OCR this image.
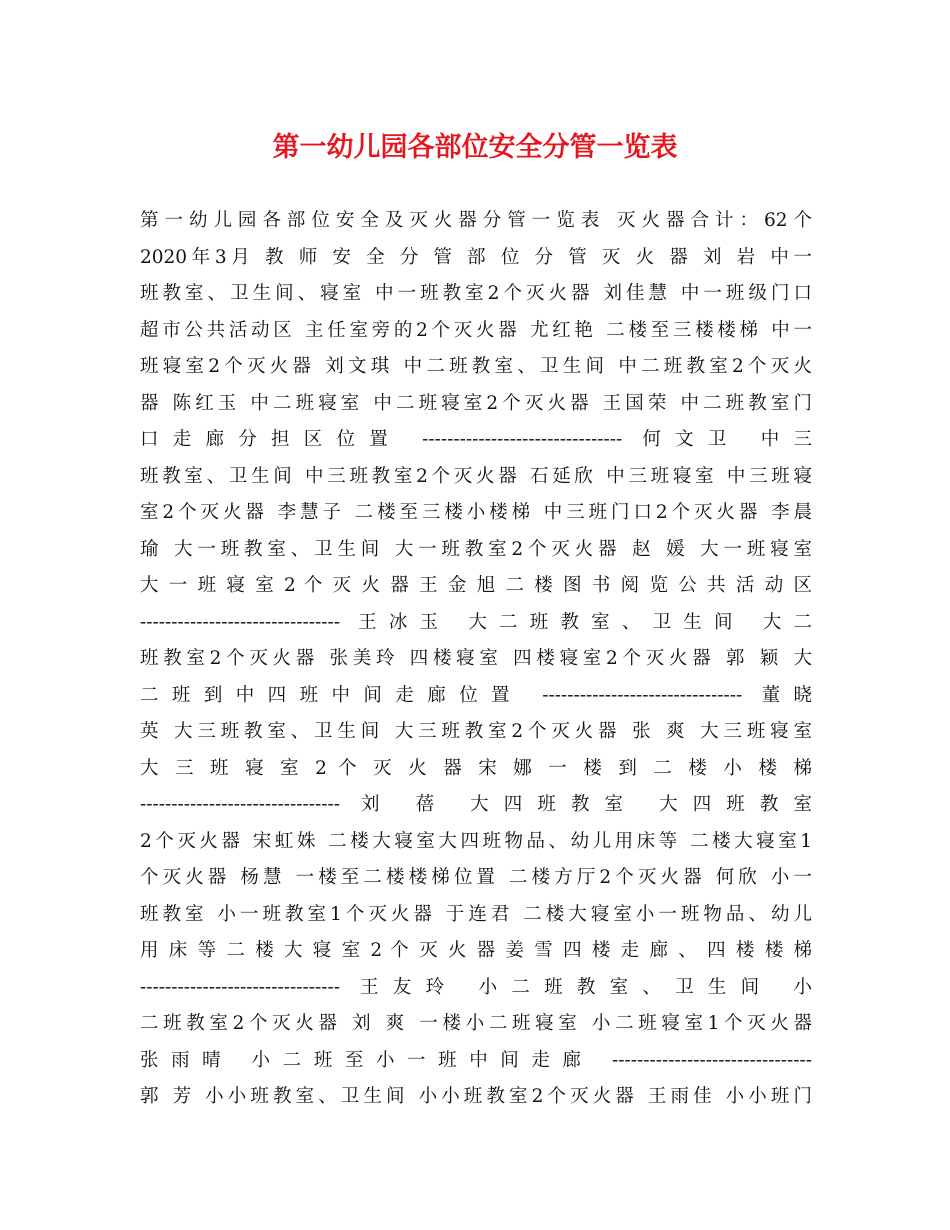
第一幼儿园各部位安全分管一览表
第一幼儿园各部位安全及灭火器分管一览表 灭火器合计：62个
2020年3月 教 师 安 全 分 管 部 位 分 管 灭 火 器 刘 岩 中一
班教室、卫生间、寝室 中一班教室2个灭火器 刘佳慧 中一班级门口
超市公共活动区 主任室旁的2个灭火器 尤红艳 二楼至三楼楼梯 中一
班寝室2个灭火器 刘文琪 中二班教室、卫生间 中二班教室2个灭火
器 陈红玉 中二班寝室 中二班寝室2个灭火器 王国荣 中二班教室门
口走廊分担区位置 -------------------------------- 何文卫 中三
班教室、卫生间 中三班教室2个灭火器 石延欣 中三班寝室 中三班寝
室2个灭火器 李慧子 二楼至三楼小楼梯 中三班门口2个灭火器 李晨
瑜 大一班教室、卫生间 大一班教室2个灭火器 赵 媛 大一班寝室
大 一 班 寝 室 2 个 灭 火 器 王 金 旭 二 楼 图 书 阅 览 公 共 活 动 区
-------------------------------- 王冰玉 大二班教室、卫生间 大二
班教室2个灭火器 张美玲 四楼寝室 四楼寝室2个灭火器 郭 颖 大
二班到中四班中间走廊位置 -------------------------------- 董晓
英 大三班教室、卫生间 大三班教室2个灭火器 张 爽 大三班寝室
大 三 班 寝 室 2 个 灭 火 器 宋 娜 一 楼 到 二 楼 小 楼 梯
-------------------------------- 刘 蓓 大四班教室 大四班教室
2个灭火器 宋虹姝 二楼大寝室大四班物品、幼儿用床等 二楼大寝室1
个灭火器 杨慧 一楼至二楼楼梯位置 二楼方厅2个灭火器 何欣 小一
班教室 小一班教室1个灭火器 于连君 二楼大寝室小一班物品、幼儿
用 床 等 二 楼 大 寝 室 2 个 灭 火 器 姜 雪 四 楼 走 廊 、 四 楼 楼 梯
-------------------------------- 王友玲 小二班教室、卫生间 小
二班教室2个灭火器 刘 爽 一楼小二班寝室 小二班寝室1个灭火器
张雨晴 小二班至小一班中间走廊 --------------------------------
郭 芳 小小班教室、卫生间 小小班教室2个灭火器 王雨佳 小小班门
